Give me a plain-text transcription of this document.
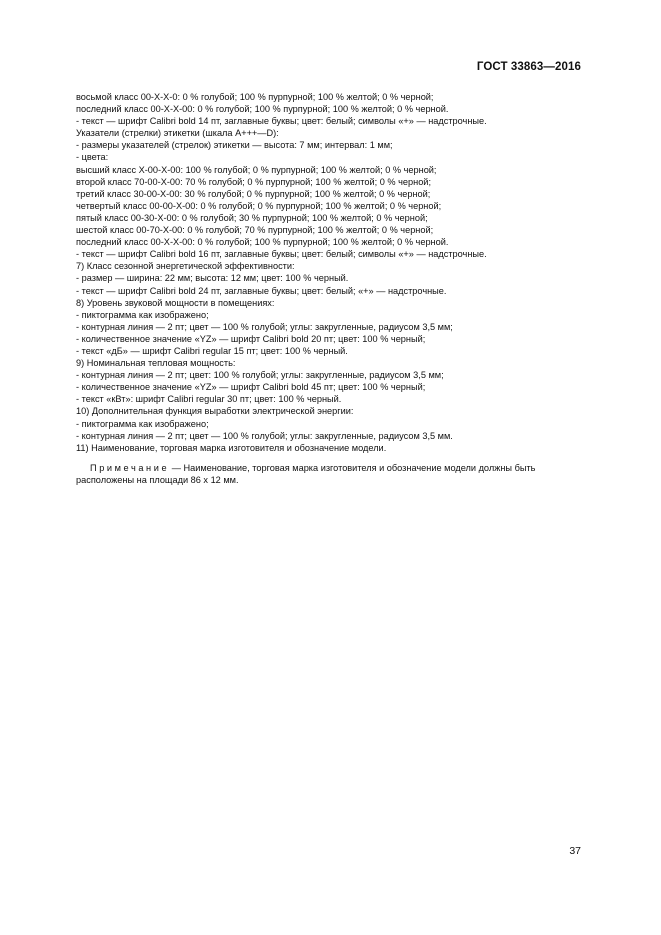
ГОСТ 33863—2016
восьмой класс 00-Х-Х-0: 0 % голубой; 100 % пурпурной; 100 % желтой; 0 % черной;
последний класс 00-Х-Х-00: 0 % голубой; 100 % пурпурной; 100 % желтой; 0 % черной.
- текст — шрифт Calibri bold 14 пт, заглавные буквы; цвет: белый; символы «+» — надстрочные.
Указатели (стрелки) этикетки (шкала А+++—D):
- размеры указателей (стрелок) этикетки — высота: 7 мм; интервал: 1 мм;
- цвета:
высший класс Х-00-Х-00: 100 % голубой; 0 % пурпурной; 100 % желтой; 0 % черной;
второй класс 70-00-Х-00: 70 % голубой; 0 % пурпурной; 100 % желтой; 0 % черной;
третий класс 30-00-Х-00: 30 % голубой; 0 % пурпурной; 100 % желтой; 0 % черной;
четвертый класс 00-00-Х-00: 0 % голубой; 0 % пурпурной; 100 % желтой; 0 % черной;
пятый класс 00-30-Х-00: 0 % голубой; 30 % пурпурной; 100 % желтой; 0 % черной;
шестой класс 00-70-Х-00: 0 % голубой; 70 % пурпурной; 100 % желтой; 0 % черной;
последний класс 00-Х-Х-00: 0 % голубой; 100 % пурпурной; 100 % желтой; 0 % черной.
- текст — шрифт Calibri bold 16 пт, заглавные буквы; цвет: белый; символы «+» — надстрочные.
7) Класс сезонной энергетической эффективности:
- размер — ширина: 22 мм; высота: 12 мм; цвет: 100 % черный.
- текст — шрифт Calibri bold 24 пт, заглавные буквы; цвет: белый; «+» — надстрочные.
8) Уровень звуковой мощности в помещениях:
- пиктограмма как изображено;
- контурная линия — 2 пт; цвет — 100 % голубой; углы: закругленные, радиусом 3,5 мм;
- количественное значение «YZ» — шрифт Calibri bold 20 пт; цвет: 100 % черный;
- текст «дБ» — шрифт Calibri regular 15 пт; цвет: 100 % черный.
9) Номинальная тепловая мощность:
- контурная линия — 2 пт; цвет: 100 % голубой; углы: закругленные, радиусом 3,5 мм;
- количественное значение «YZ» — шрифт Calibri bold 45 пт; цвет: 100 % черный;
- текст «кВт»: шрифт Calibri regular 30 пт; цвет: 100 % черный.
10) Дополнительная функция выработки электрической энергии:
- пиктограмма как изображено;
- контурная линия — 2 пт; цвет — 100 % голубой; углы: закругленные, радиусом 3,5 мм.
11) Наименование, торговая марка изготовителя и обозначение модели.
Примечание — Наименование, торговая марка изготовителя и обозначение модели должны быть расположены на площади 86 х 12 мм.
37
